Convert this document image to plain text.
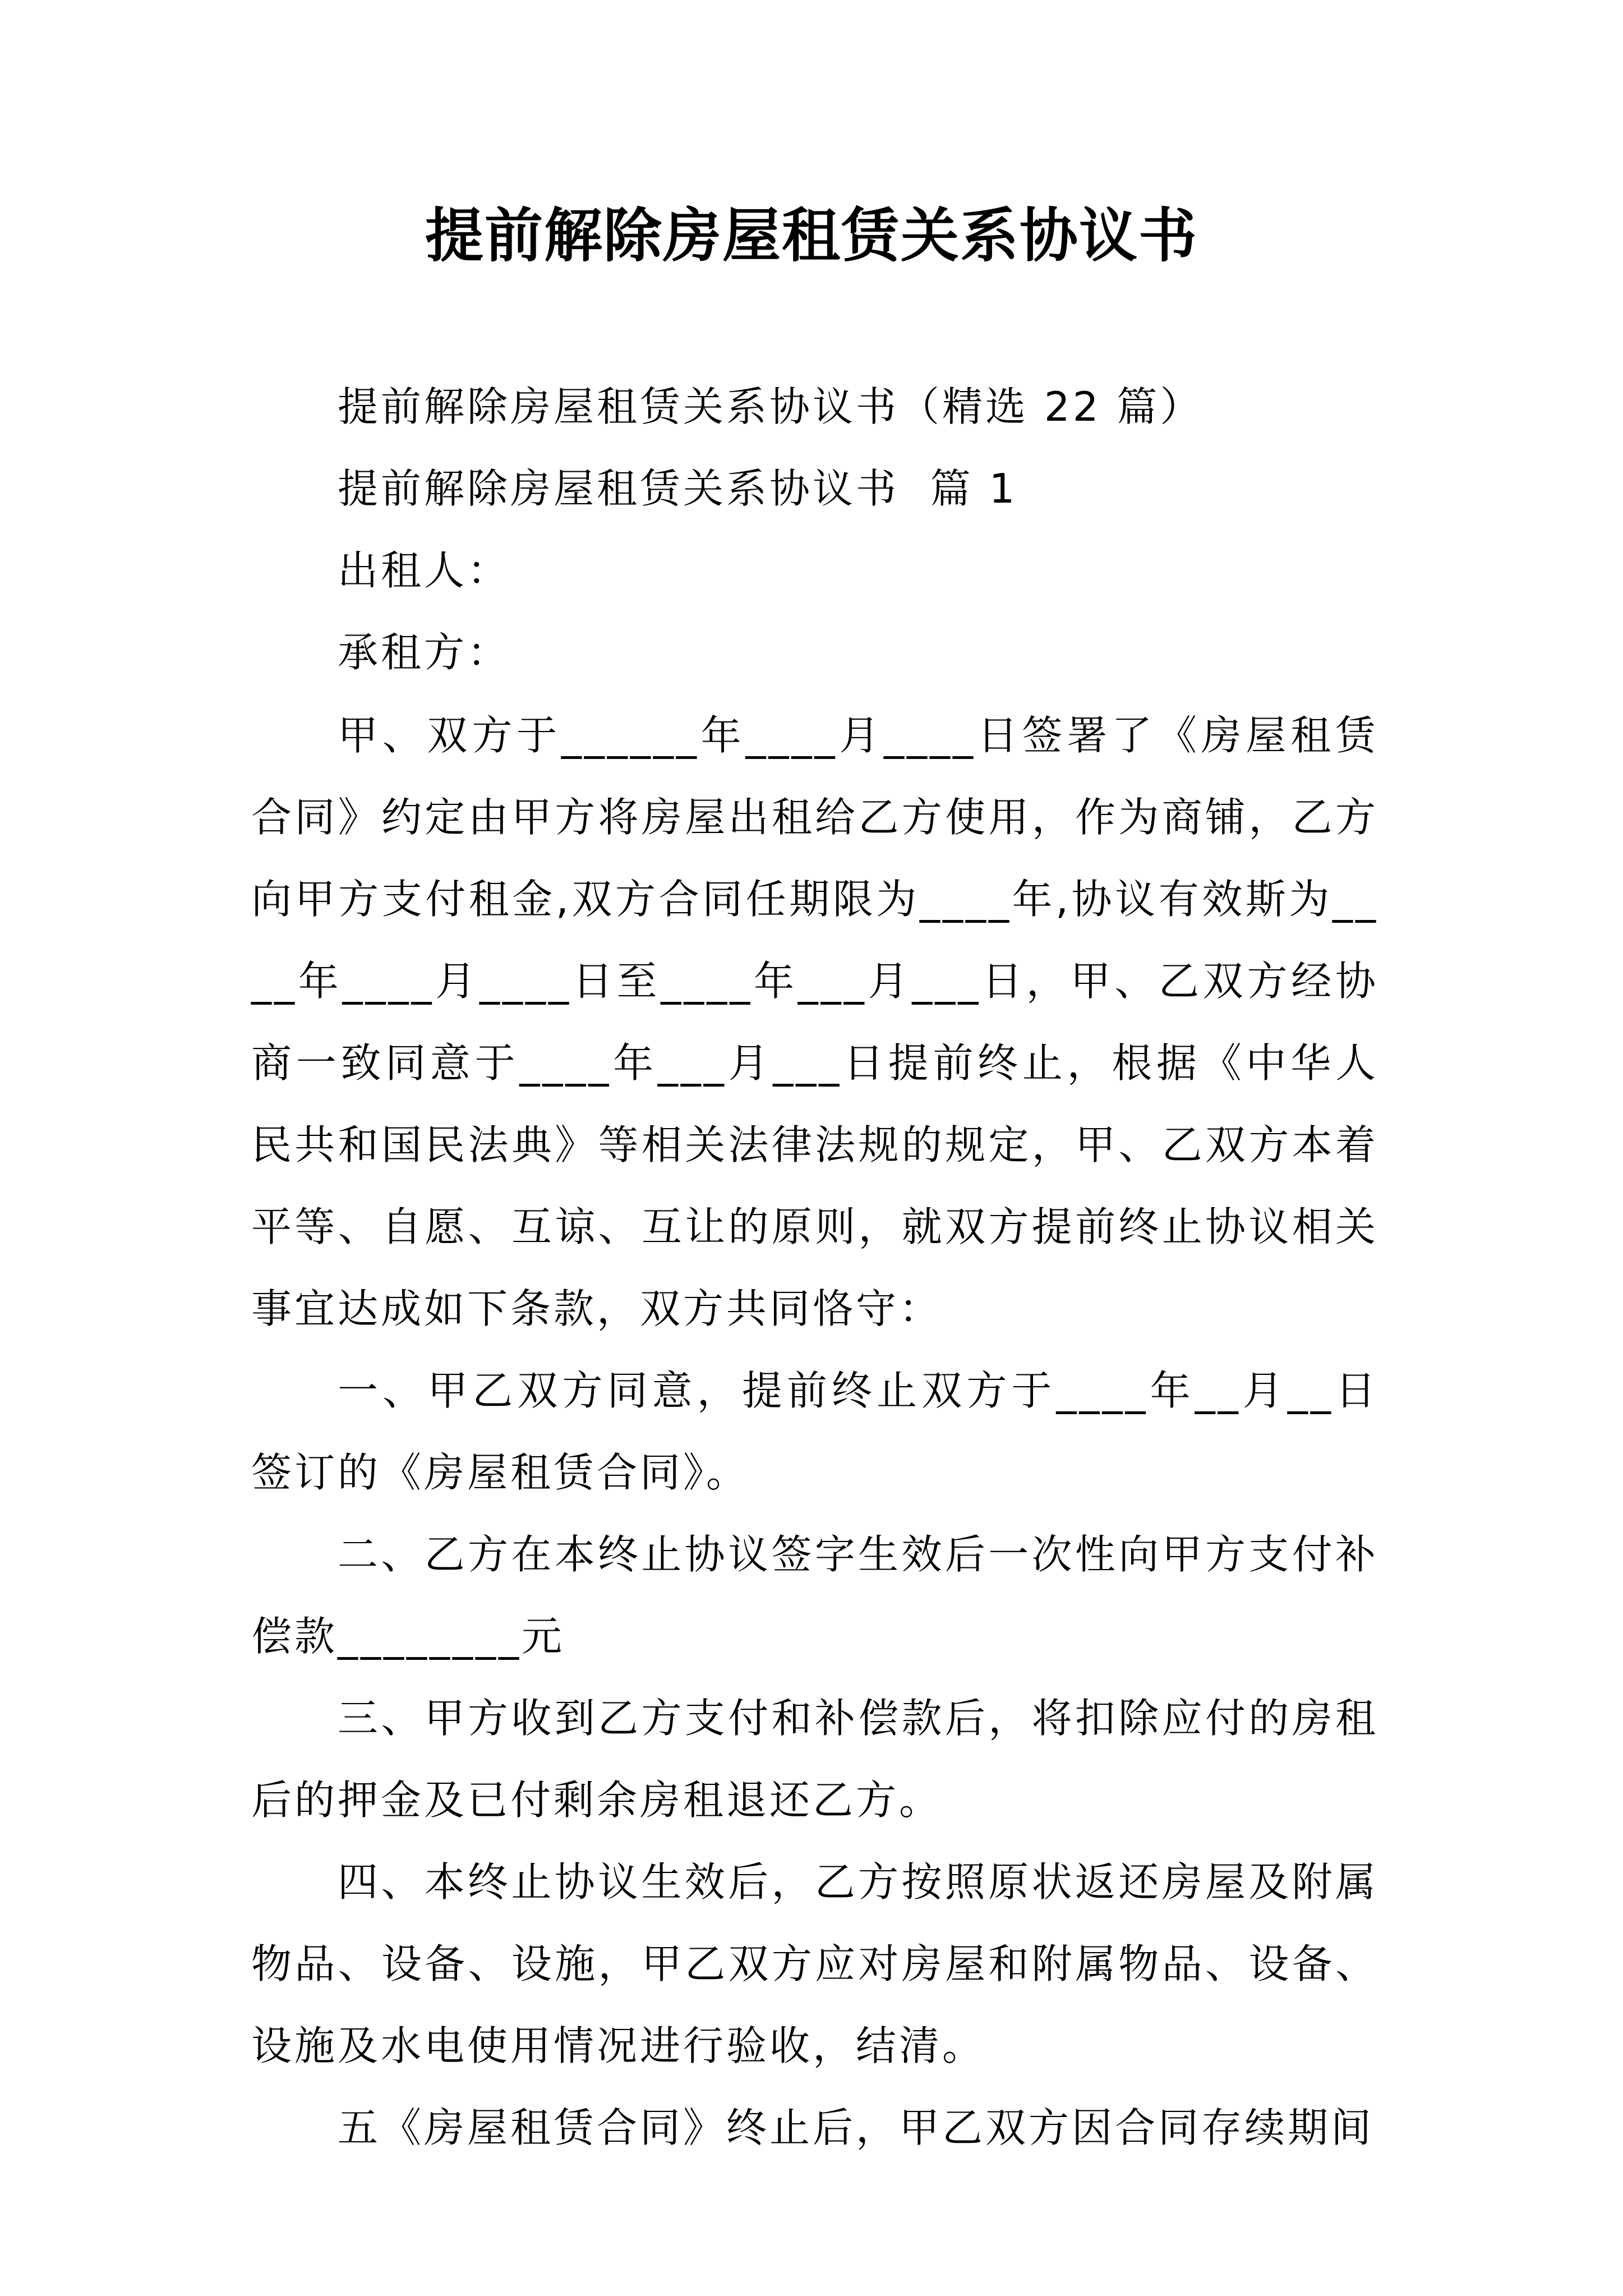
提前解除房屋租赁关系协议书

提前解除房屋租赁关系协议书（精选 22 篇）

提前解除房屋租赁关系协议书  篇 1

出租人：

承租方：

甲、双方于______年____月____日签署了《房屋租赁合同》约定由甲方将房屋出租给乙方使用，作为商铺，乙方向甲方支付租金,双方合同任期限为____年,协议有效斯为____年____月____日至____年___月___日，甲、乙双方经协商一致同意于____年___月___日提前终止，根据《中华人民共和国民法典》等相关法律法规的规定，甲、乙双方本着平等、自愿、互谅、互让的原则，就双方提前终止协议相关事宜达成如下条款，双方共同恪守：

一、甲乙双方同意，提前终止双方于____年__月__日签订的《房屋租赁合同》。

二、乙方在本终止协议签字生效后一次性向甲方支付补偿款________元

三、甲方收到乙方支付和补偿款后，将扣除应付的房租后的押金及已付剩余房租退还乙方。

四、本终止协议生效后，乙方按照原状返还房屋及附属物品、设备、设施，甲乙双方应对房屋和附属物品、设备、设施及水电使用情况进行验收，结清。

五《房屋租赁合同》终止后，甲乙双方因合同存续期间
